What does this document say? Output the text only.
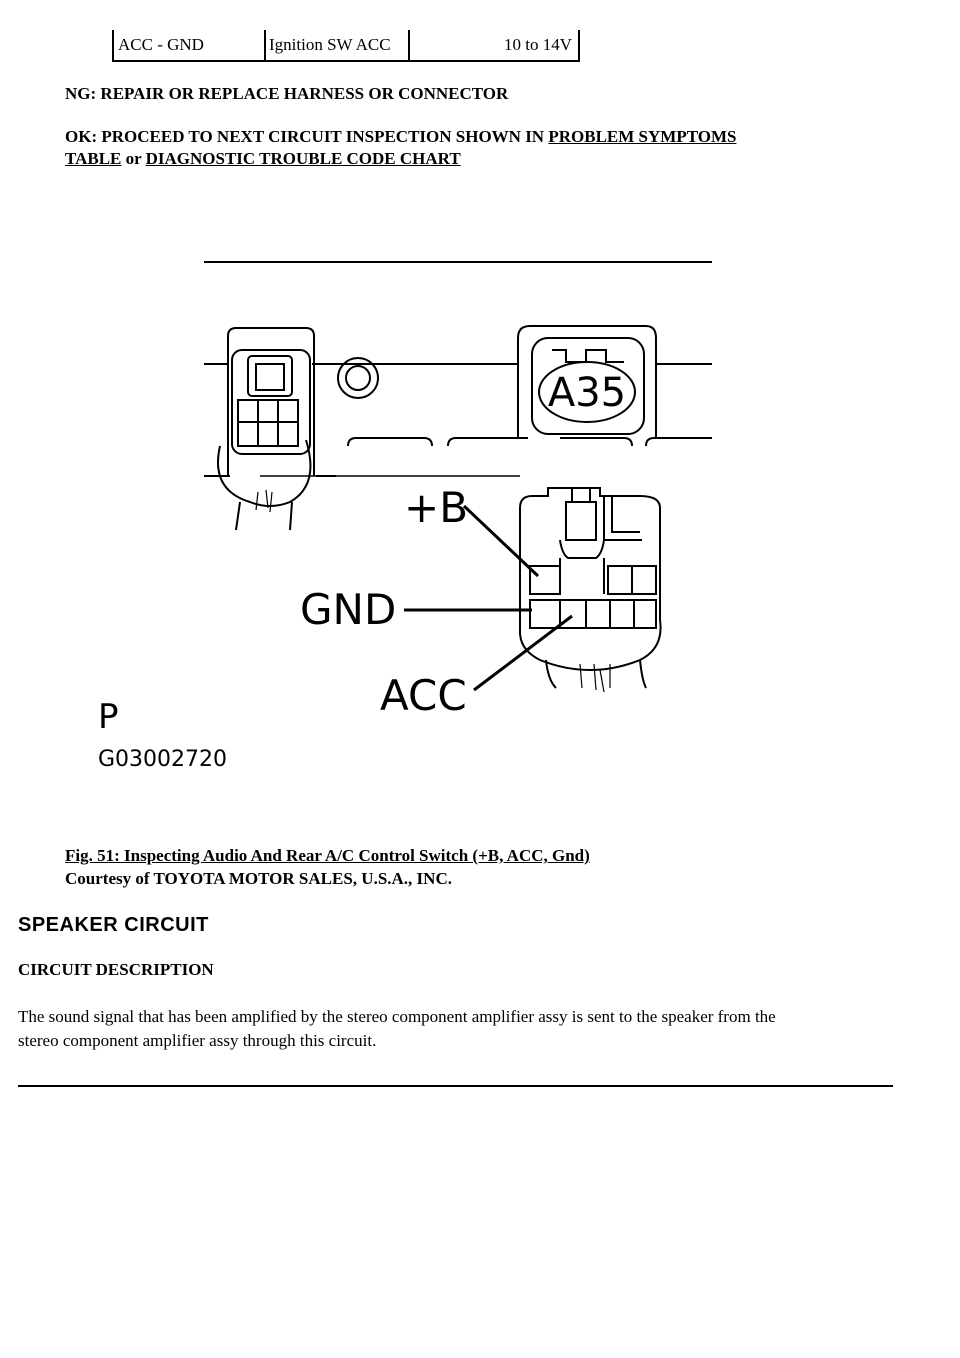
ACC - GND	Ignition SW ACC	10 to 14V
NG: REPAIR OR REPLACE HARNESS OR CONNECTOR
OK: PROCEED TO NEXT CIRCUIT INSPECTION SHOWN IN PROBLEM SYMPTOMS
TABLE or DIAGNOSTIC TROUBLE CODE CHART
A35
+B
GND
ACC
P
G03002720
Fig. 51: Inspecting Audio And Rear A/C Control Switch (+B, ACC, Gnd)
Courtesy of TOYOTA MOTOR SALES, U.S.A., INC.
SPEAKER CIRCUIT
CIRCUIT DESCRIPTION
The sound signal that has been amplified by the stereo component amplifier assy is sent to the speaker from the
stereo component amplifier assy through this circuit.
